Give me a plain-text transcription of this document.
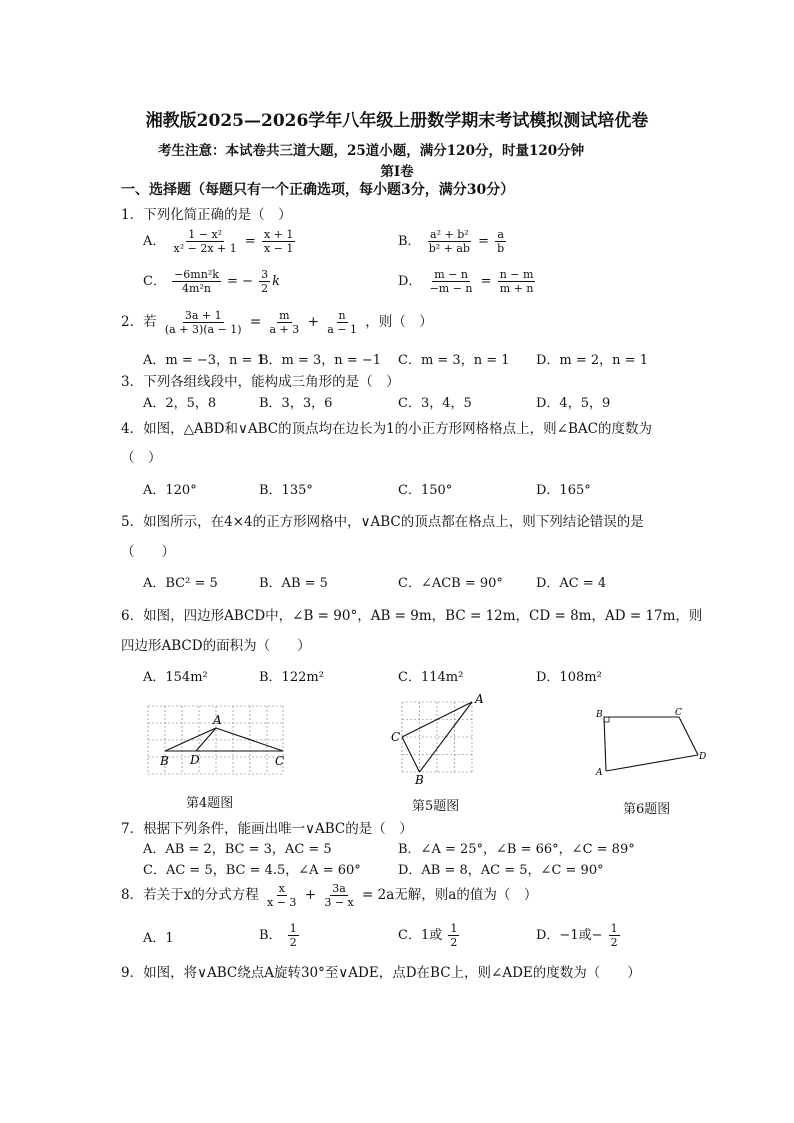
湘教版2025—2026学年八年级上册数学期末考试模拟测试培优卷
考生注意：本试卷共三道大题，25道小题，满分120分，时量120分钟
第Ⅰ卷
一、选择题（每题只有一个正确选项，每小题3分，满分30分）
1．下列化简正确的是（　）
A． $\frac{\text{1 − x²}}{\text{x² − 2x + 1}} = \frac{x + 1}{x - 1}$	B． $\frac{\text{a² + b²}}{\text{b² + ab}} = \frac{a}{b}$
C． $\frac{\text{−6mn²k}}{\text{4m²n}}$ = − $\frac{3}{2}$ k	D． $\frac{m - n}{-m - n} = \frac{n - m}{m + n}$
2．若 $\frac{3a + 1}{(a + 3)(a - 1)} = \frac{m}{a + 3} + \frac{n}{a - 1}$ ，则（　）
A．m = −3，n = 1
B．m = 3，n = −1 C．m = 3，n = 1 D．m = 2，n = 1
3．下列各组线段中，能构成三角形的是（　）
A．2，5，8	B．3，3，6	C．3，4，5	D．4，5，9
4．如图，△ABD和∨ABC的顶点均在边长为1的小正方形网格格点上，则∠BAC的度数为
（　）
A．120°	B．135°	C．150°	D．165°
5．如图所示，在4×4的正方形网格中，∨ABC的顶点都在格点上，则下列结论错误的是
（　　）
A．BC² = 5	B．AB = 5	C．∠ACB = 90°	D．AC = 4
6．如图，四边形ABCD中，∠B = 90°，AB = 9m，BC = 12m，CD = 8m，AD = 17m，则
四边形ABCD的面积为（　　）
A．154m²	B．122m²	C．114m²	D．108m²
A
B D	C
第4题图
A
C
B
第5题图
B	C
D
A
第6题图
7．根据下列条件，能画出唯一∨ABC的是（　）
A．AB = 2，BC = 3，AC = 5	B．∠A = 25°，∠B = 66°，∠C = 89°
C．AC = 5，BC = 4.5，∠A = 60°	D．AB = 8，AC = 5，∠C = 90°
8．若关于x的分式方程 $\frac{x}{x - 3} + \frac{3a}{3 - x} = 2a$无解，则a的值为（　）
A．1	B． $\frac{1}{2}$	C．1或 $\frac{1}{2}$	D．−1或− $\frac{1}{2}$
9．如图，将∨ABC绕点A旋转30°至∨ADE，点D在BC上，则∠ADE的度数为（　　）
